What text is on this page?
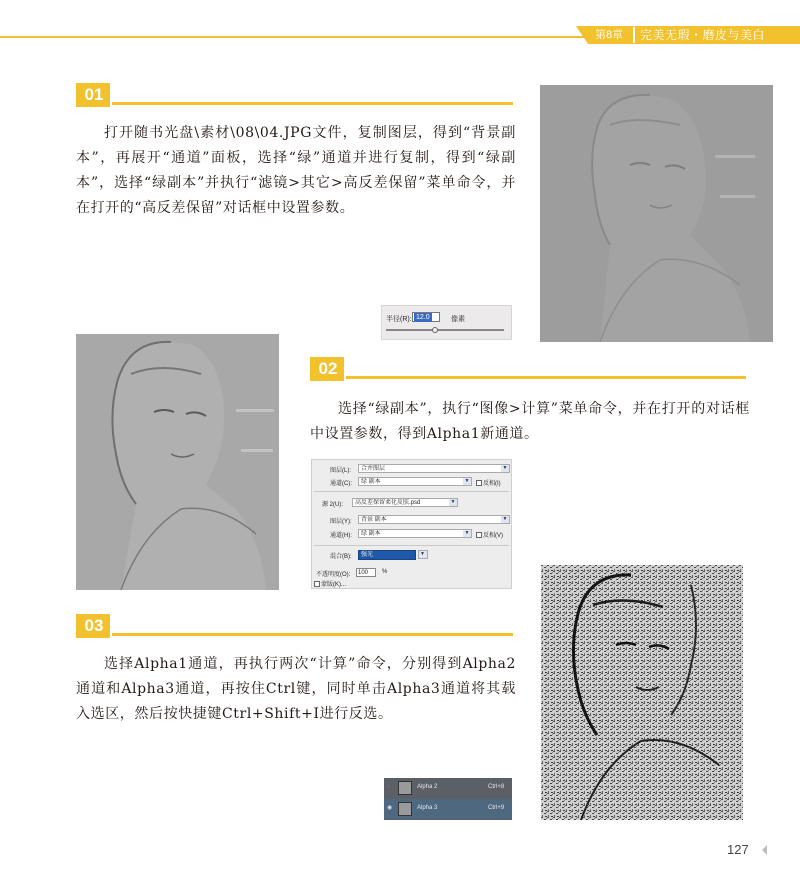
第8章 完美无瑕・磨皮与美白
01
打开随书光盘\素材\08\04.JPG文件，复制图层，得到“背景副本”，再展开“通道”面板，选择“绿”通道并进行复制，得到“绿副本”，选择“绿副本”并执行“滤镜>其它>高反差保留”菜单命令，并在打开的“高反差保留”对话框中设置参数。
半径(R): 12.0	像素
02
选择“绿副本”，执行“图像>计算”菜单命令，并在打开的对话框中设置参数，得到Alpha1新通道。
图层(L):	合并图层	▼
通道(C):	绿 副本	▼	反相(I)
源 2(U):	高反差保留柔化皮肤.psd	▼
图层(Y):	背景 副本	▼
通道(H):	绿 副本	▼	反相(V)
混合(B):	强光	▼
不透明度(O):	100	%
蒙版(K)...
03
选择Alpha1通道，再执行两次“计算”命令，分别得到Alpha2通道和Alpha3通道，再按住Ctrl键，同时单击Alpha3通道将其载入选区，然后按快捷键Ctrl+Shift+I进行反选。
◌	Alpha 2	Ctrl+8
◉	Alpha 3	Ctrl+9
127
